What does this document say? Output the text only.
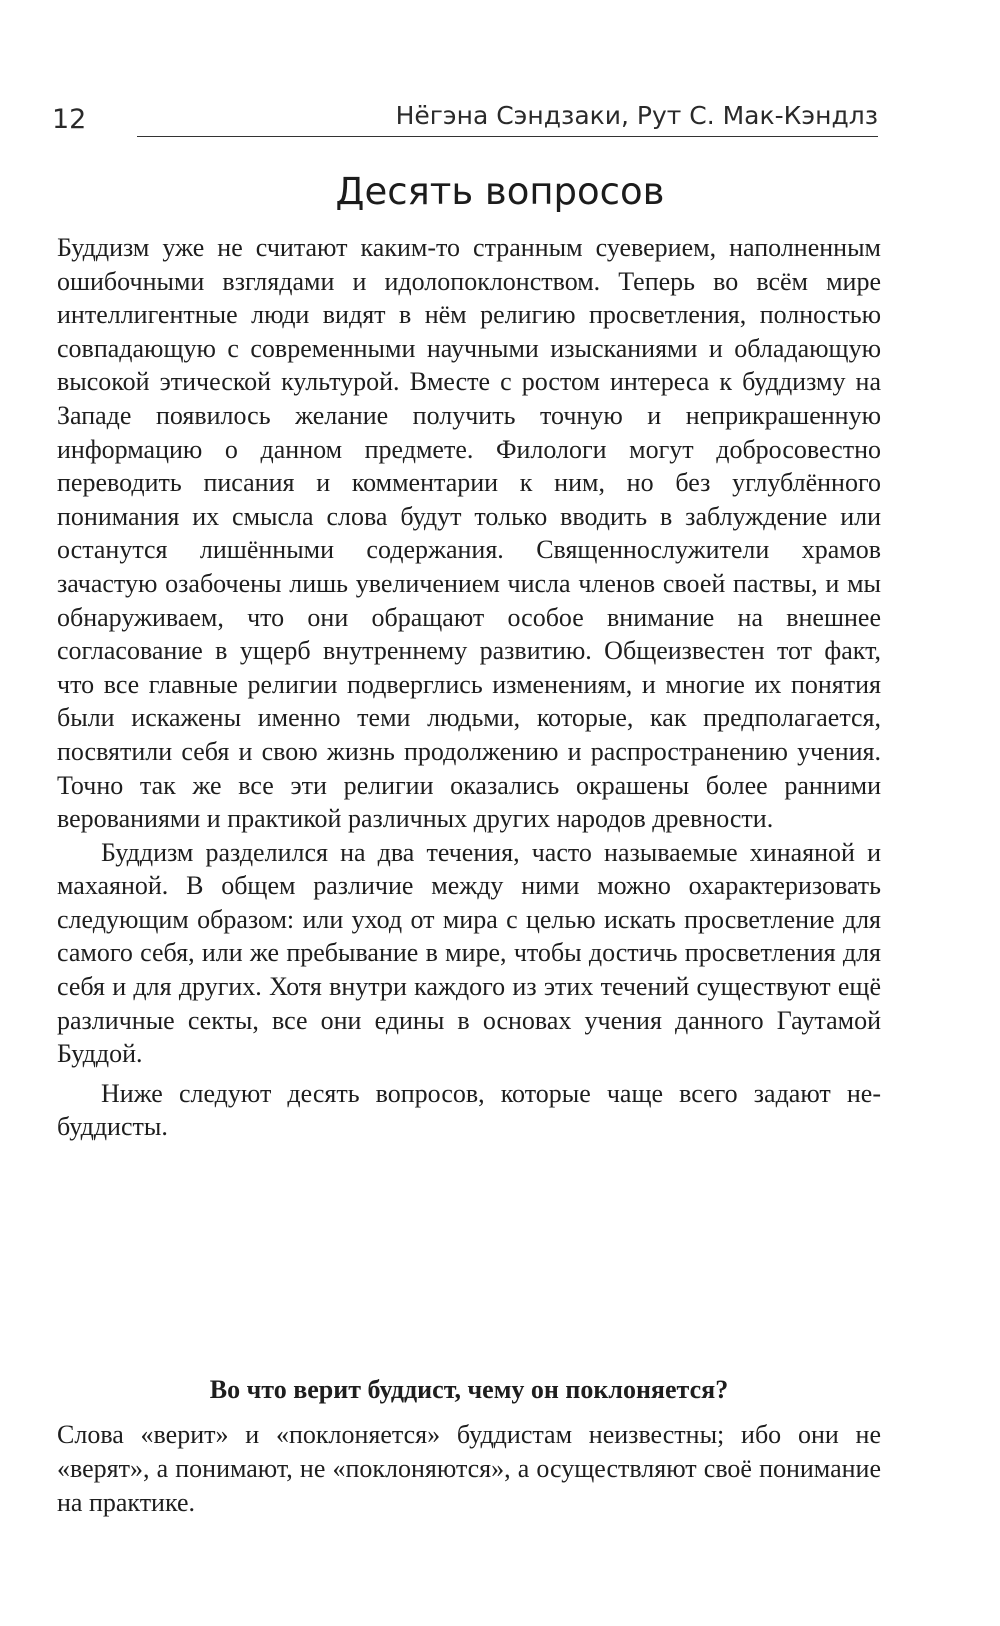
12	Нёгэна Сэндзаки, Рут С. Мак-Кэндлз
Десять вопросов

Буддизм уже не считают каким-то странным суеверием, наполненным ошибочными взглядами и идолопоклонством. Теперь во всём мире интеллигентные люди видят в нём религию просветления, полностью совпадающую с современными научными изысканиями и обладающую высокой этической культурой. Вместе с ростом интереса к буддизму на Западе появилось желание получить точную и неприкрашенную информацию о данном предмете. Филологи могут добросовестно переводить писания и комментарии к ним, но без углублённого понимания их смысла слова будут только вводить в заблуждение или останутся лишёнными содержания. Священнослужители храмов зачастую озабочены лишь увеличением числа членов своей паствы, и мы обнаруживаем, что они обращают особое внимание на внешнее согласование в ущерб внутреннему развитию. Общеизвестен тот факт, что все главные религии подверглись изменениям, и многие их понятия были искажены именно теми людьми, которые, как предполагается, посвятили себя и свою жизнь продолжению и распространению учения. Точно так же все эти религии оказались окрашены более ранними верованиями и практикой различных других народов древности.

Буддизм разделился на два течения, часто называемые хинаяной и махаяной. В общем различие между ними можно охарактеризовать следующим образом: или уход от мира с целью искать просветление для самого себя, или же пребывание в мире, чтобы достичь просветления для себя и для других. Хотя внутри каждого из этих течений существуют ещё различные секты, все они едины в основах учения данного Гаутамой Буддой.

Ниже следуют десять вопросов, которые чаще всего задают не-буддисты.

Во что верит буддист, чему он поклоняется?
Слова «верит» и «поклоняется» буддистам неизвестны; ибо они не «верят», а понимают, не «поклоняются», а осуществляют своё понимание на практике.
